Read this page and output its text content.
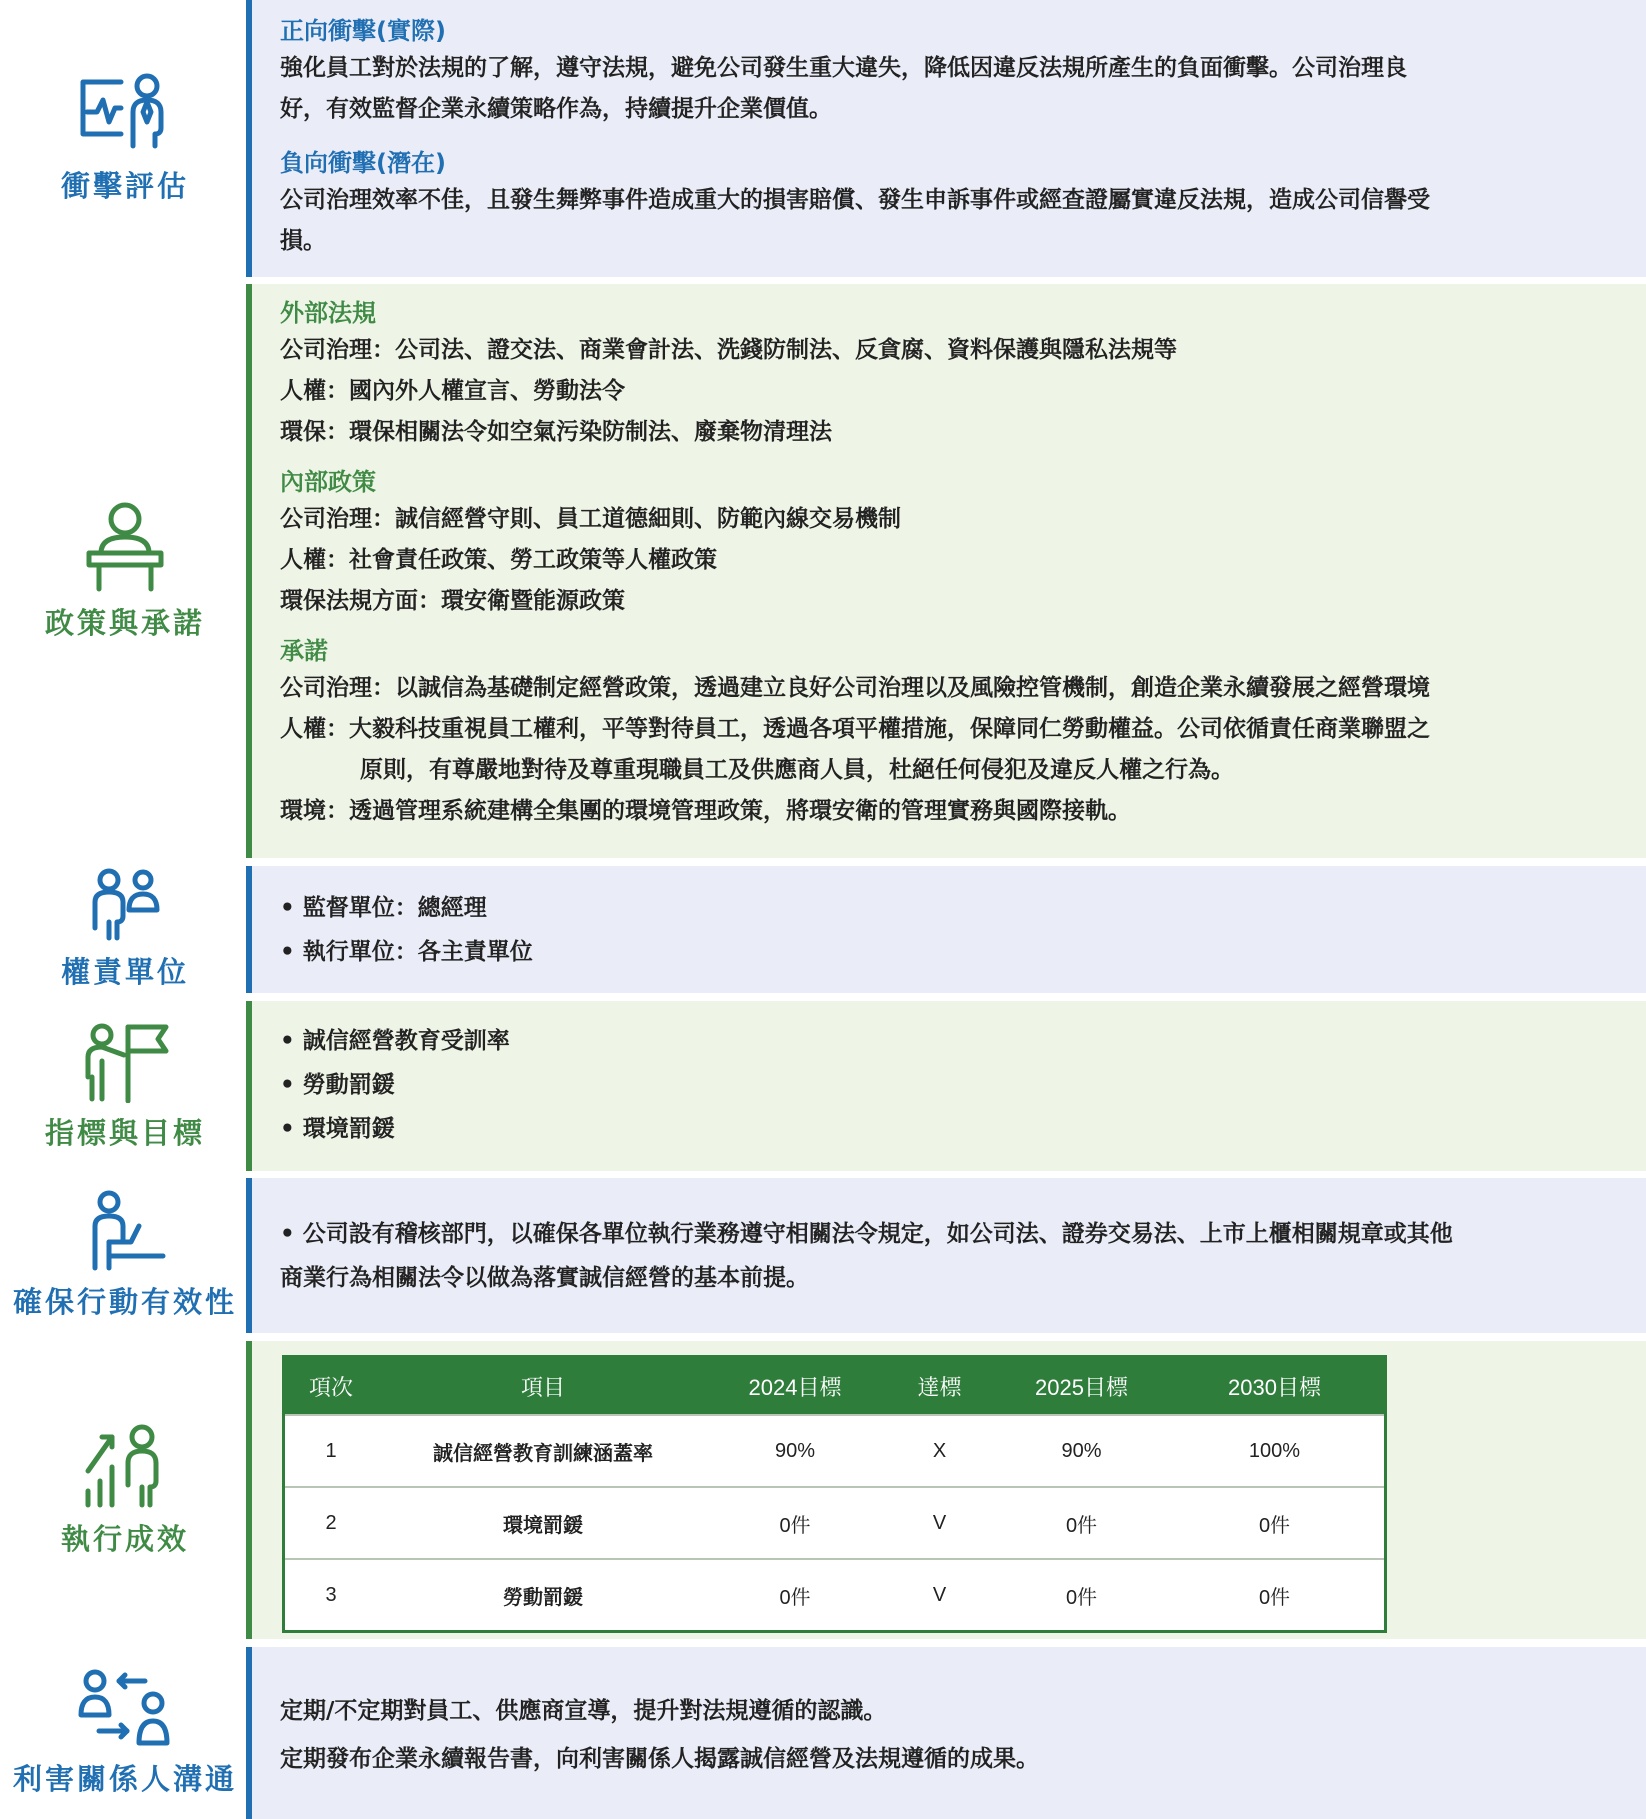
衝擊評估
正向衝擊(實際)
強化員工對於法規的了解，遵守法規，避免公司發生重大違失，降低因違反法規所產生的負面衝擊。公司治理良
好，有效監督企業永續策略作為，持續提升企業價值。
負向衝擊(潛在)
公司治理效率不佳，且發生舞弊事件造成重大的損害賠償、發生申訴事件或經查證屬實違反法規，造成公司信譽受
損。
政策與承諾
外部法規
公司治理：公司法、證交法、商業會計法、洗錢防制法、反貪腐、資料保護與隱私法規等
人權：國內外人權宣言、勞動法令
環保：環保相關法令如空氣污染防制法、廢棄物清理法
內部政策
公司治理：誠信經營守則、員工道德細則、防範內線交易機制
人權：社會責任政策、勞工政策等人權政策
環保法規方面：環安衛暨能源政策
承諾
公司治理：以誠信為基礎制定經營政策，透過建立良好公司治理以及風險控管機制，創造企業永續發展之經營環境
人權：大毅科技重視員工權利，平等對待員工，透過各項平權措施，保障同仁勞動權益。公司依循責任商業聯盟之
原則，有尊嚴地對待及尊重現職員工及供應商人員，杜絕任何侵犯及違反人權之行為。
環境：透過管理系統建構全集團的環境管理政策，將環安衛的管理實務與國際接軌。
權責單位
• 監督單位：總經理
• 執行單位：各主責單位
指標與目標
• 誠信經營教育受訓率
• 勞動罰鍰
• 環境罰鍰
確保行動有效性
• 公司設有稽核部門，以確保各單位執行業務遵守相關法令規定，如公司法、證券交易法、上市上櫃相關規章或其他
商業行為相關法令以做為落實誠信經營的基本前提。
執行成效
項次	項目	2024目標	達標	2025目標	2030目標
1	誠信經營教育訓練涵蓋率	90%	X	90%	100%
2	環境罰鍰	0件	V	0件	0件
3	勞動罰鍰	0件	V	0件	0件
利害關係人溝通
定期/不定期對員工、供應商宣導，提升對法規遵循的認識。
定期發布企業永續報告書，向利害關係人揭露誠信經營及法規遵循的成果。
